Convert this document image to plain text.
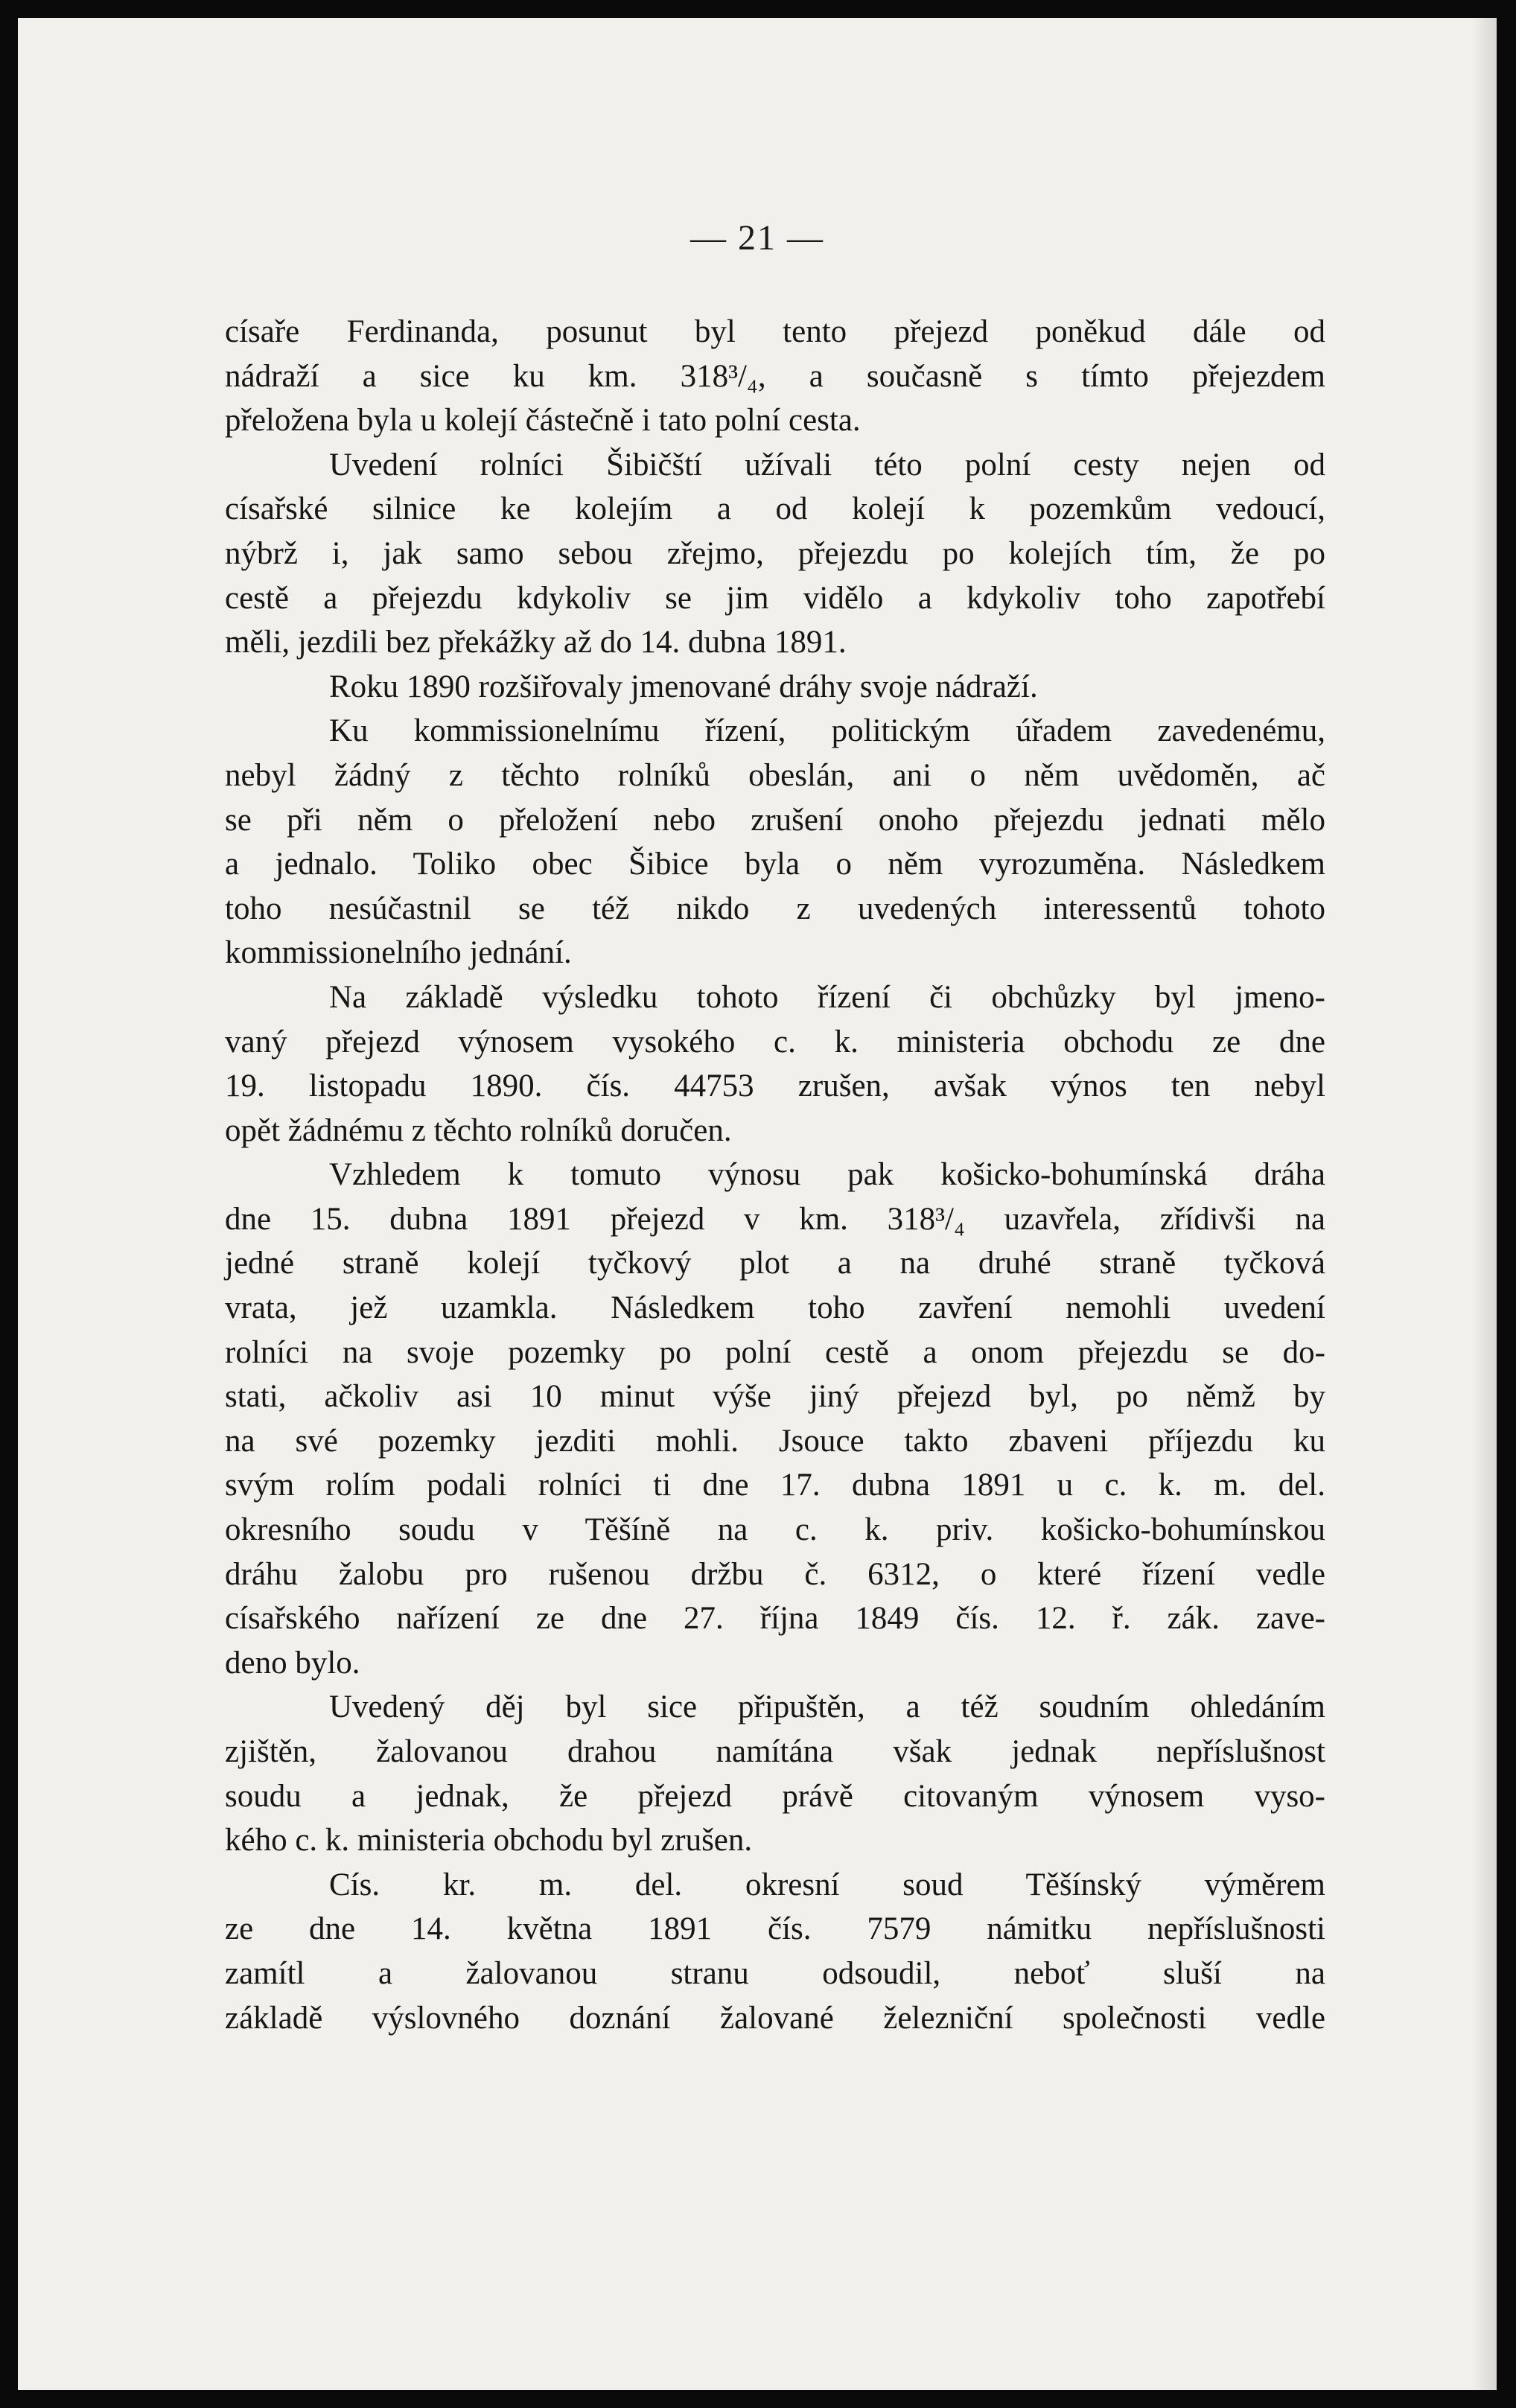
— 21 —
císaře Ferdinanda, posunut byl tento přejezd poněkud dále od
nádraží a sice ku km. 318³/₄, a současně s tímto přejezdem
přeložena byla u kolejí částečně i tato polní cesta.
Uvedení rolníci Šibičští užívali této polní cesty nejen od
císařské silnice ke kolejím a od kolejí k pozemkům vedoucí,
nýbrž i, jak samo sebou zřejmo, přejezdu po kolejích tím, že po
cestě a přejezdu kdykoliv se jim vidělo a kdykoliv toho zapotřebí
měli, jezdili bez překážky až do 14. dubna 1891.
Roku 1890 rozšiřovaly jmenované dráhy svoje nádraží.
Ku kommissionelnímu řízení, politickým úřadem zavedenému,
nebyl žádný z těchto rolníků obeslán, ani o něm uvědoměn, ač
se při něm o přeložení nebo zrušení onoho přejezdu jednati mělo
a jednalo. Toliko obec Šibice byla o něm vyrozuměna. Následkem
toho nesúčastnil se též nikdo z uvedených interessentů tohoto
kommissionelního jednání.
Na základě výsledku tohoto řízení či obchůzky byl jmeno-
vaný přejezd výnosem vysokého c. k. ministeria obchodu ze dne
19. listopadu 1890. čís. 44753 zrušen, avšak výnos ten nebyl
opět žádnému z těchto rolníků doručen.
Vzhledem k tomuto výnosu pak košicko-bohumínská dráha
dne 15. dubna 1891 přejezd v km. 318³/₄ uzavřela, zřídivši na
jedné straně kolejí tyčkový plot a na druhé straně tyčková
vrata, jež uzamkla. Následkem toho zavření nemohli uvedení
rolníci na svoje pozemky po polní cestě a onom přejezdu se do-
stati, ačkoliv asi 10 minut výše jiný přejezd byl, po němž by
na své pozemky jezditi mohli. Jsouce takto zbaveni příjezdu ku
svým rolím podali rolníci ti dne 17. dubna 1891 u c. k. m. del.
okresního soudu v Těšíně na c. k. priv. košicko-bohumínskou
dráhu žalobu pro rušenou držbu č. 6312, o které řízení vedle
císařského nařízení ze dne 27. října 1849 čís. 12. ř. zák. zave-
deno bylo.
Uvedený děj byl sice připuštěn, a též soudním ohledáním
zjištěn, žalovanou drahou namítána však jednak nepříslušnost
soudu a jednak, že přejezd právě citovaným výnosem vyso-
kého c. k. ministeria obchodu byl zrušen.
Cís. kr. m. del. okresní soud Těšínský výměrem
ze dne 14. května 1891 čís. 7579 námitku nepříslušnosti
zamítl a žalovanou stranu odsoudil, neboť sluší na
základě výslovného doznání žalované železniční společnosti vedle
